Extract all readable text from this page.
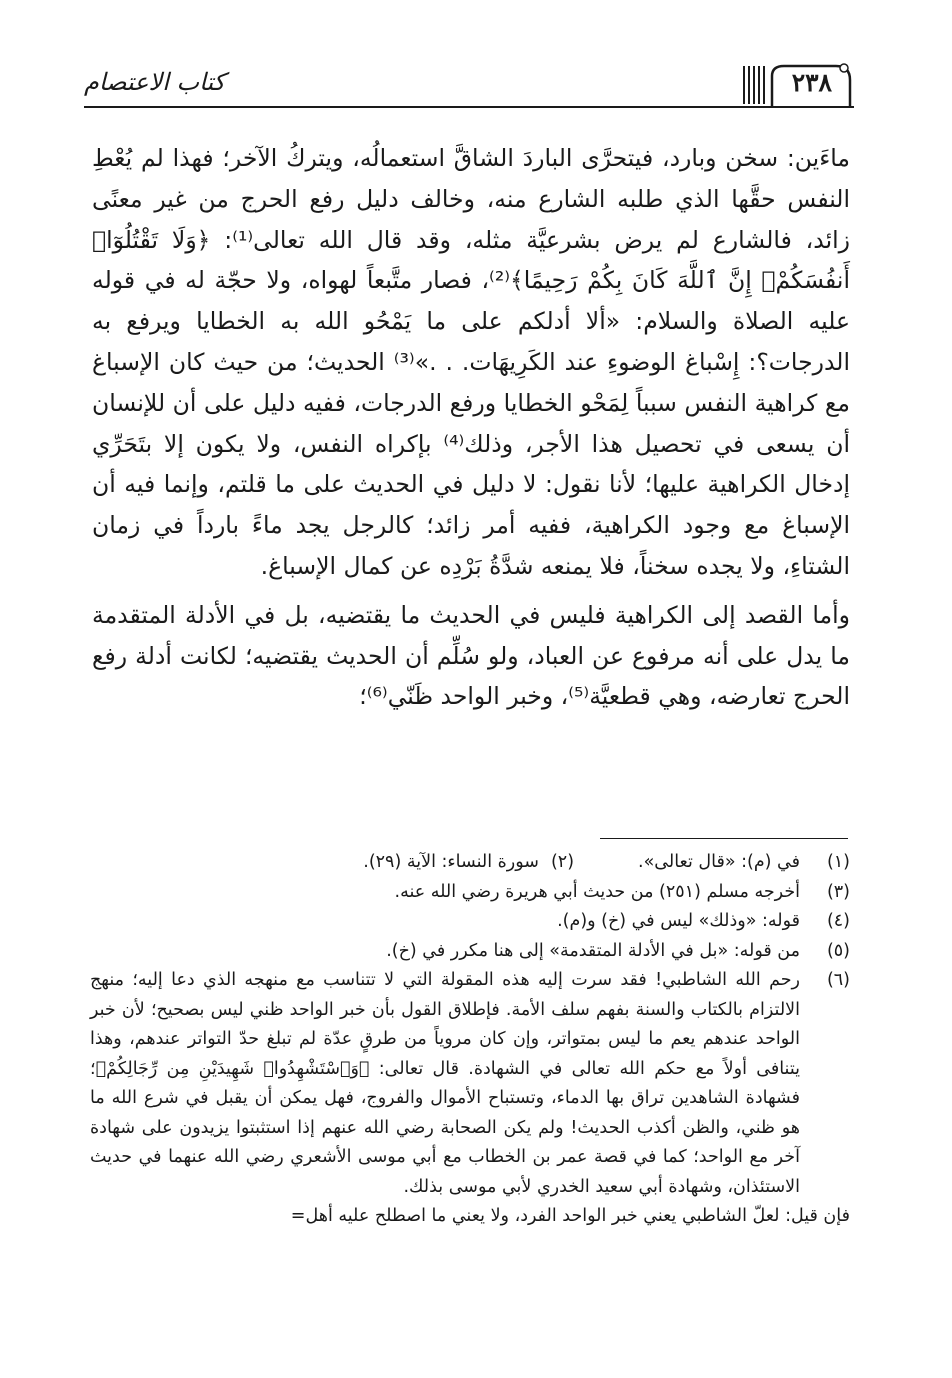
كتاب الاعتصام	٢٣٨

ماءَين: سخن وبارد، فيتحرَّى الباردَ الشاقَّ استعمالُه، ويتركُ الآخر؛ فهذا لم يُعْطِ النفس حقَّها الذي طلبه الشارع منه، وخالف دليل رفع الحرج من غير معنًى زائد، فالشارع لم يرض بشرعيَّة مثله، وقد قال الله تعالى⁽¹⁾: ﴿وَلَا تَقْتُلُوٓا۟ أَنفُسَكُمْۚ إِنَّ ٱللَّهَ كَانَ بِكُمْ رَحِيمًا﴾⁽²⁾، فصار متَّبعاً لهواه، ولا حجّة له في قوله عليه الصلاة والسلام: «ألا أدلكم على ما يَمْحُو الله به الخطايا ويرفع به الدرجات؟: إِسْباغ الوضوءِ عند الكَرِيهَات. . .»⁽³⁾ الحديث؛ من حيث كان الإسباغ مع كراهية النفس سبباً لِمَحْو الخطايا ورفع الدرجات، ففيه دليل على أن للإنسان أن يسعى في تحصيل هذا الأجر، وذلك⁽⁴⁾ بإكراه النفس، ولا يكون إلا بتَحَرِّي إدخال الكراهية عليها؛ لأنا نقول: لا دليل في الحديث على ما قلتم، وإنما فيه أن الإسباغ مع وجود الكراهية، ففيه أمر زائد؛ كالرجل يجد ماءً بارداً في زمان الشتاءِ، ولا يجده سخناً، فلا يمنعه شدَّةُ بَرْدِه عن كمال الإسباغ.

وأما القصد إلى الكراهية فليس في الحديث ما يقتضيه، بل في الأدلة المتقدمة ما يدل على أنه مرفوع عن العباد، ولو سُلِّم أن الحديث يقتضيه؛ لكانت أدلة رفع الحرج تعارضه، وهي قطعيَّة⁽⁵⁾، وخبر الواحد ظَنّي⁽⁶⁾؛

(١)
في (م): «قال تعالى».
(٢)
سورة النساء: الآية (٢٩).
(٣)
أخرجه مسلم (٢٥١) من حديث أبي هريرة رضي الله عنه.
(٤)
قوله: «وذلك» ليس في (خ) و(م).
(٥)
من قوله: «بل في الأدلة المتقدمة» إلى هنا مكرر في (خ).
(٦)
رحم الله الشاطبي! فقد سرت إليه هذه المقولة التي لا تتناسب مع منهجه الذي دعا إليه؛ منهج الالتزام بالكتاب والسنة بفهم سلف الأمة. فإطلاق القول بأن خبر الواحد ظني ليس بصحيح؛ لأن خبر الواحد عندهم يعم ما ليس بمتواتر، وإن كان مروياً من طرقٍ عدّة لم تبلغ حدّ التواتر عندهم، وهذا يتنافى أولاً مع حكم الله تعالى في الشهادة. قال تعالى: ﴿وَٱسْتَشْهِدُوا۟ شَهِيدَيْنِ مِن رِّجَالِكُمْ﴾؛ فشهادة الشاهدين تراق بها الدماء، وتستباح الأموال والفروج، فهل يمكن أن يقبل في شرع الله ما هو ظني، والظن أكذب الحديث! ولم يكن الصحابة رضي الله عنهم إذا استثبتوا يزيدون على شهادة آخر مع الواحد؛ كما في قصة عمر بن الخطاب مع أبي موسى الأشعري رضي الله عنهما في حديث الاستئذان، وشهادة أبي سعيد الخدري لأبي موسى بذلك.
فإن قيل: لعلّ الشاطبي يعني خبر الواحد الفرد، ولا يعني ما اصطلح عليه أهل=
